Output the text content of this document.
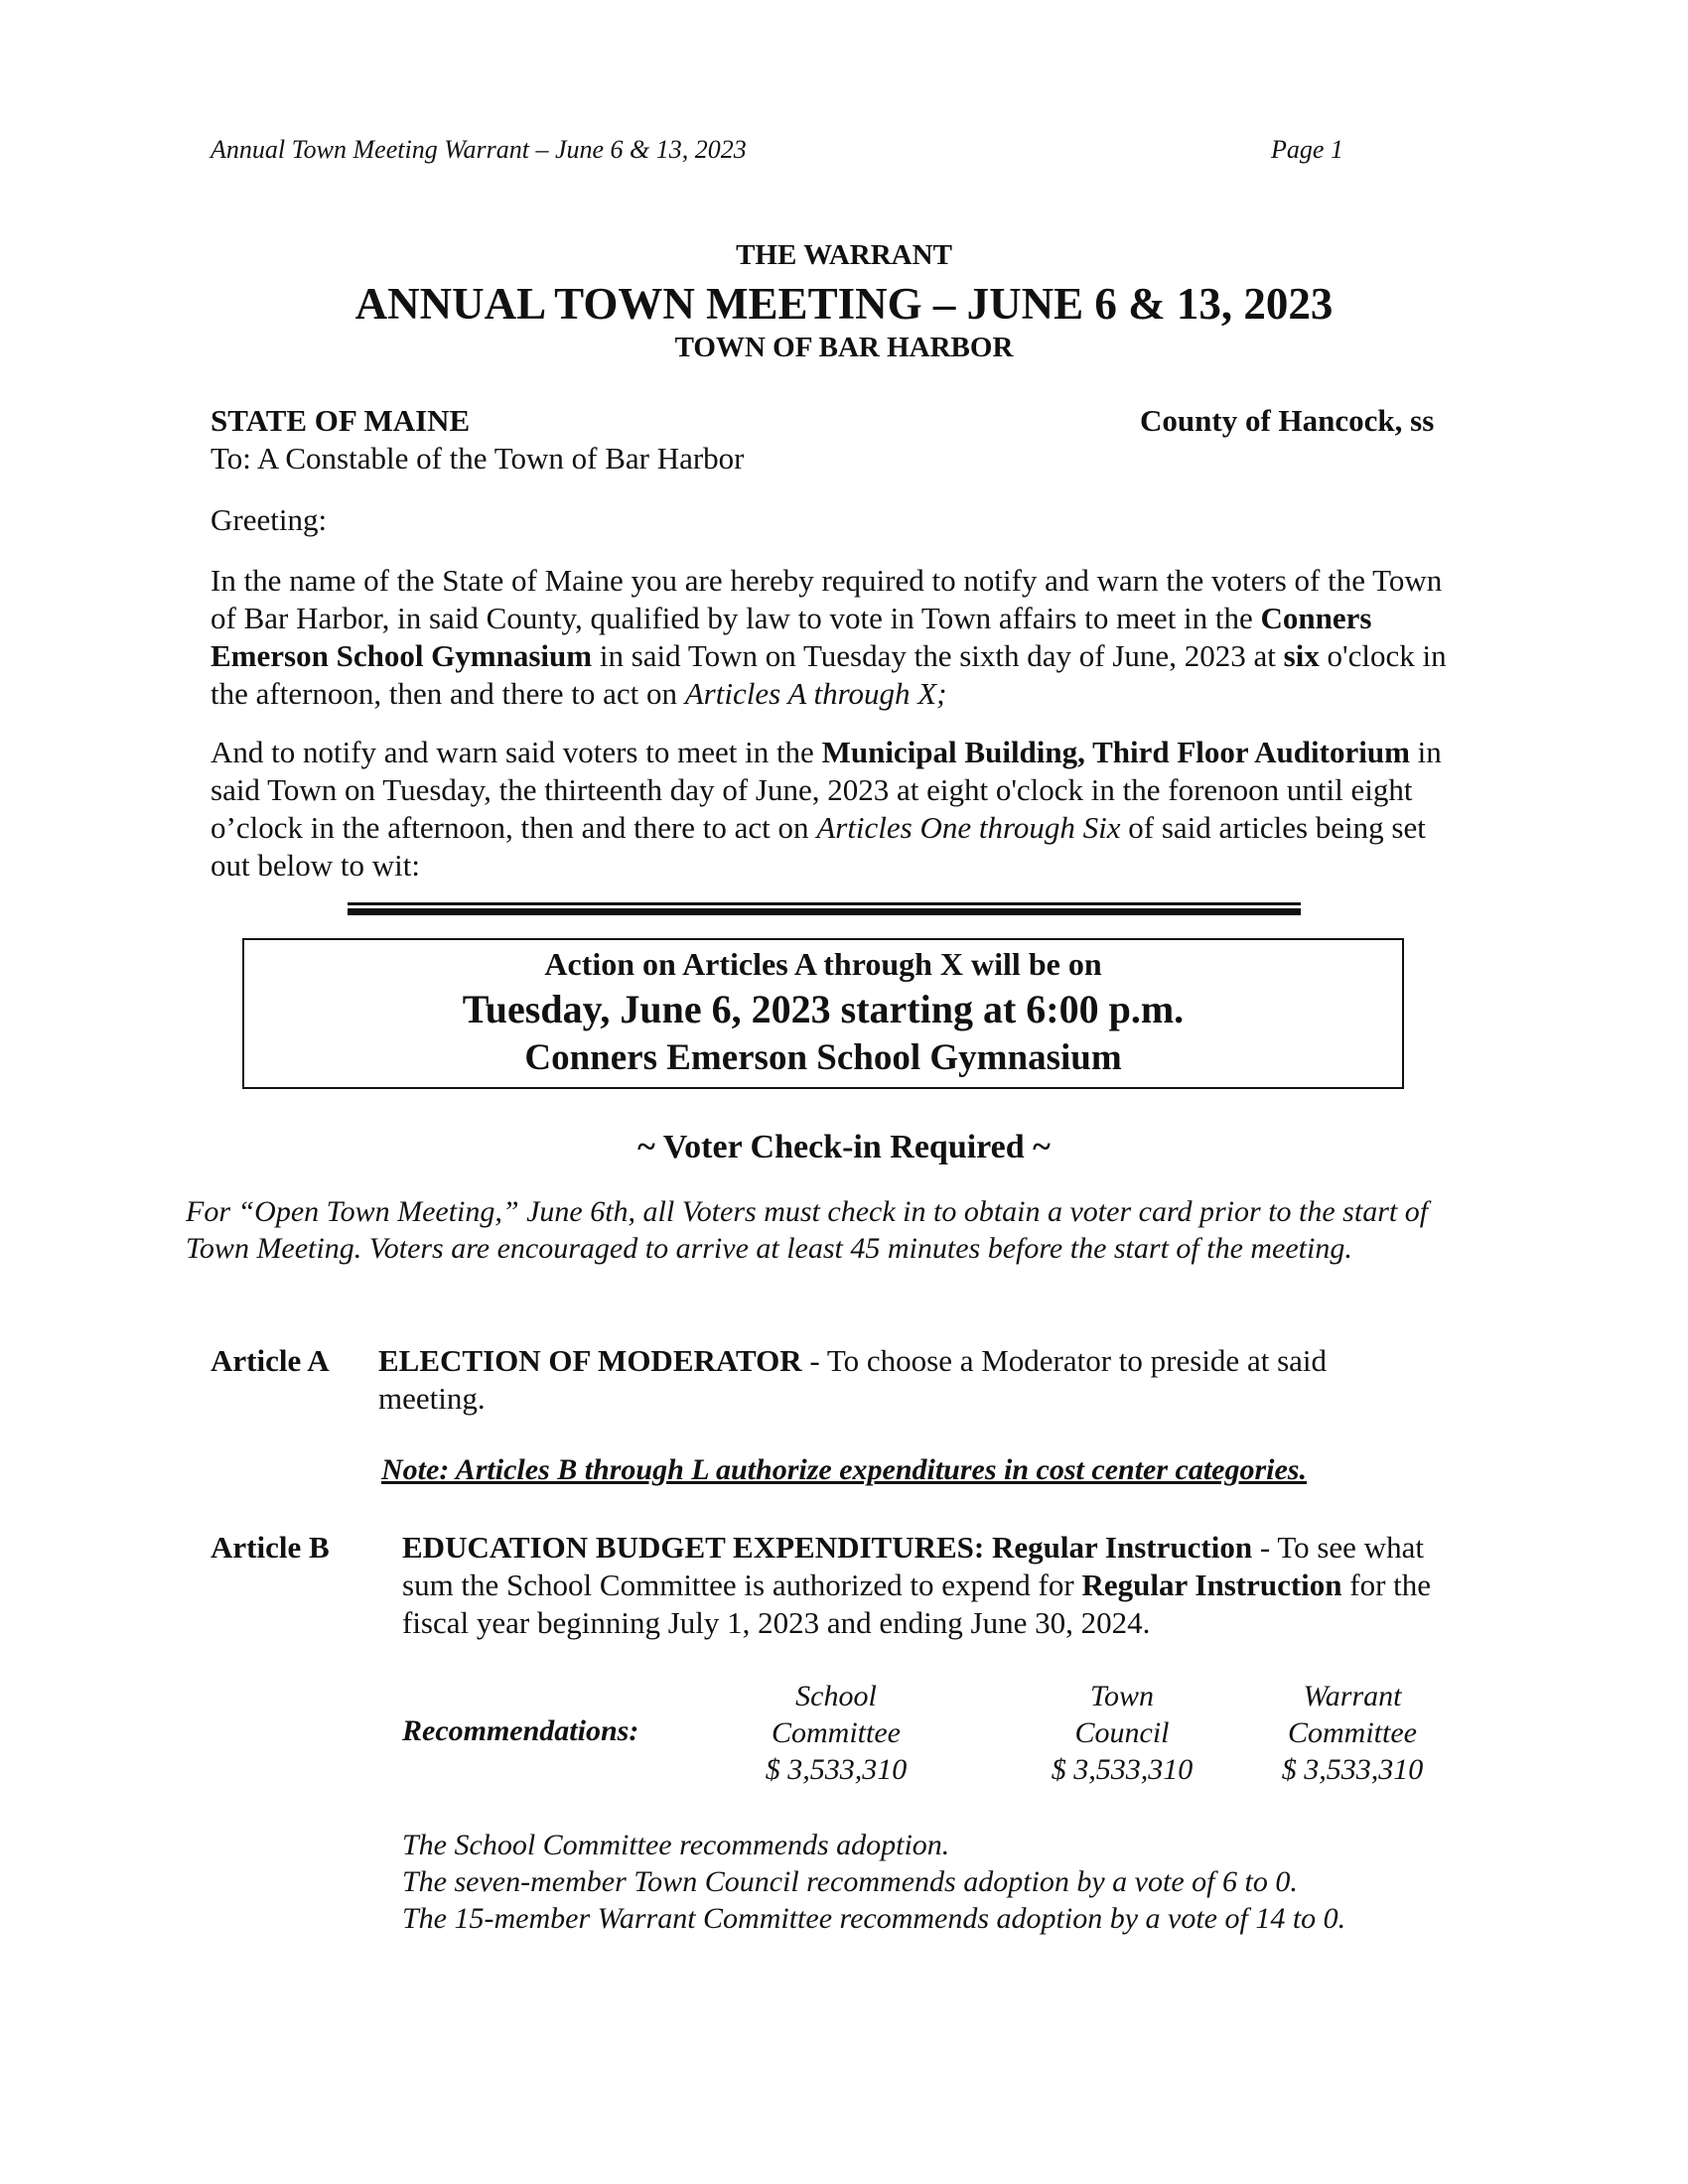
Annual Town Meeting Warrant – June 6 & 13, 2023	Page 1
THE WARRANT
ANNUAL TOWN MEETING – JUNE 6 & 13, 2023
TOWN OF BAR HARBOR
STATE OF MAINE	County of Hancock, ss
To: A Constable of the Town of Bar Harbor
Greeting:
In the name of the State of Maine you are hereby required to notify and warn the voters of the Town of Bar Harbor, in said County, qualified by law to vote in Town affairs to meet in the Conners Emerson School Gymnasium in said Town on Tuesday the sixth day of June, 2023 at six o'clock in the afternoon, then and there to act on Articles A through X;
And to notify and warn said voters to meet in the Municipal Building, Third Floor Auditorium in said Town on Tuesday, the thirteenth day of June, 2023 at eight o'clock in the forenoon until eight o’clock in the afternoon, then and there to act on Articles One through Six of said articles being set out below to wit:
Action on Articles A through X will be on
Tuesday, June 6, 2023 starting at 6:00 p.m.
Conners Emerson School Gymnasium
~ Voter Check-in Required ~
For “Open Town Meeting,” June 6th, all Voters must check in to obtain a voter card prior to the start of Town Meeting. Voters are encouraged to arrive at least 45 minutes before the start of the meeting.
Article A ELECTION OF MODERATOR - To choose a Moderator to preside at said meeting.
Note: Articles B through L authorize expenditures in cost center categories.
Article B EDUCATION BUDGET EXPENDITURES: Regular Instruction - To see what sum the School Committee is authorized to expend for Regular Instruction for the fiscal year beginning July 1, 2023 and ending June 30, 2024.
Recommendations:
School
Committee
$ 3,533,310
Town
Council
$ 3,533,310
Warrant
Committee
$ 3,533,310
The School Committee recommends adoption.
The seven-member Town Council recommends adoption by a vote of 6 to 0.
The 15-member Warrant Committee recommends adoption by a vote of 14 to 0.
